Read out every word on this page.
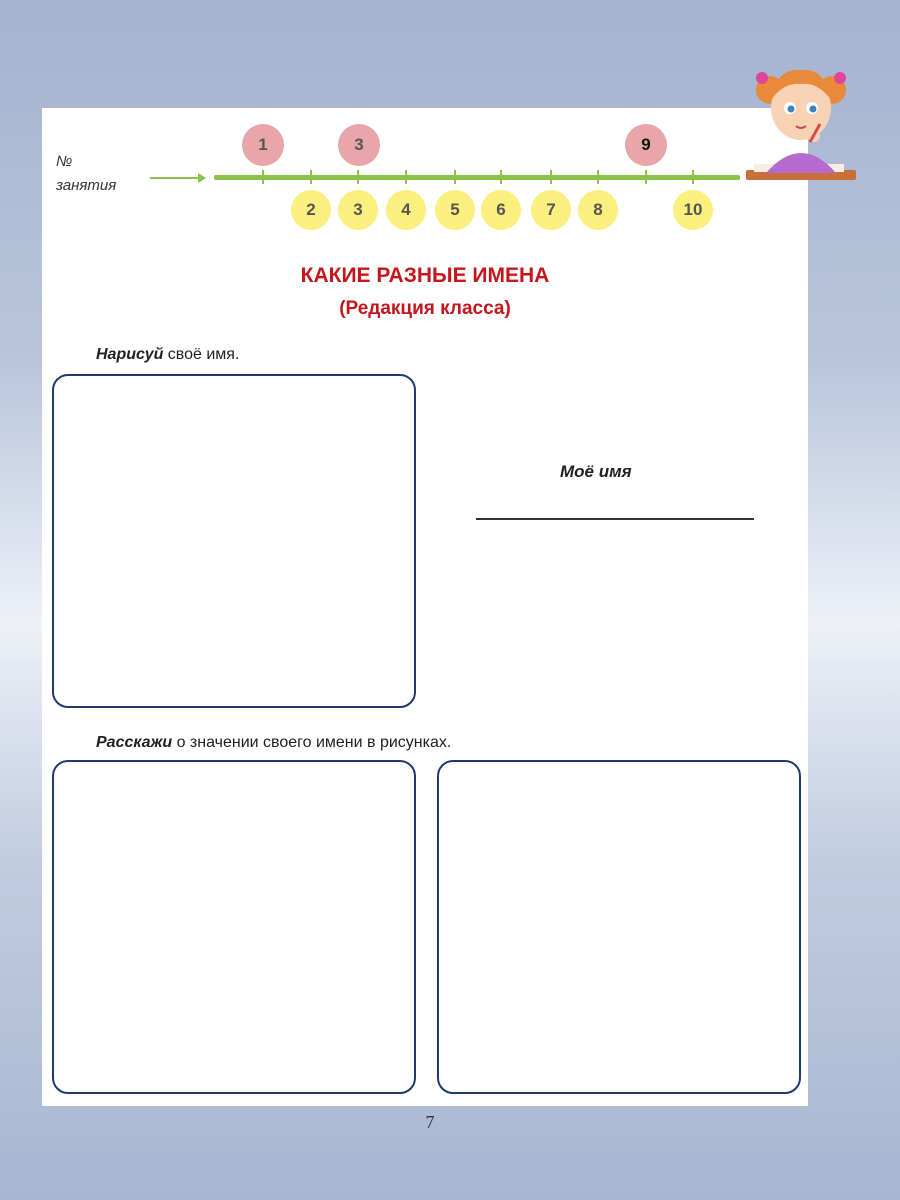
№
занятия

1	3	9
2	3	4	5	6	7	8	10
КАКИЕ РАЗНЫЕ ИМЕНА
(Редакция класса)

Нарисуй своё имя.

Моё имя

Расскажи о значении своего имени в рисунках.

7
